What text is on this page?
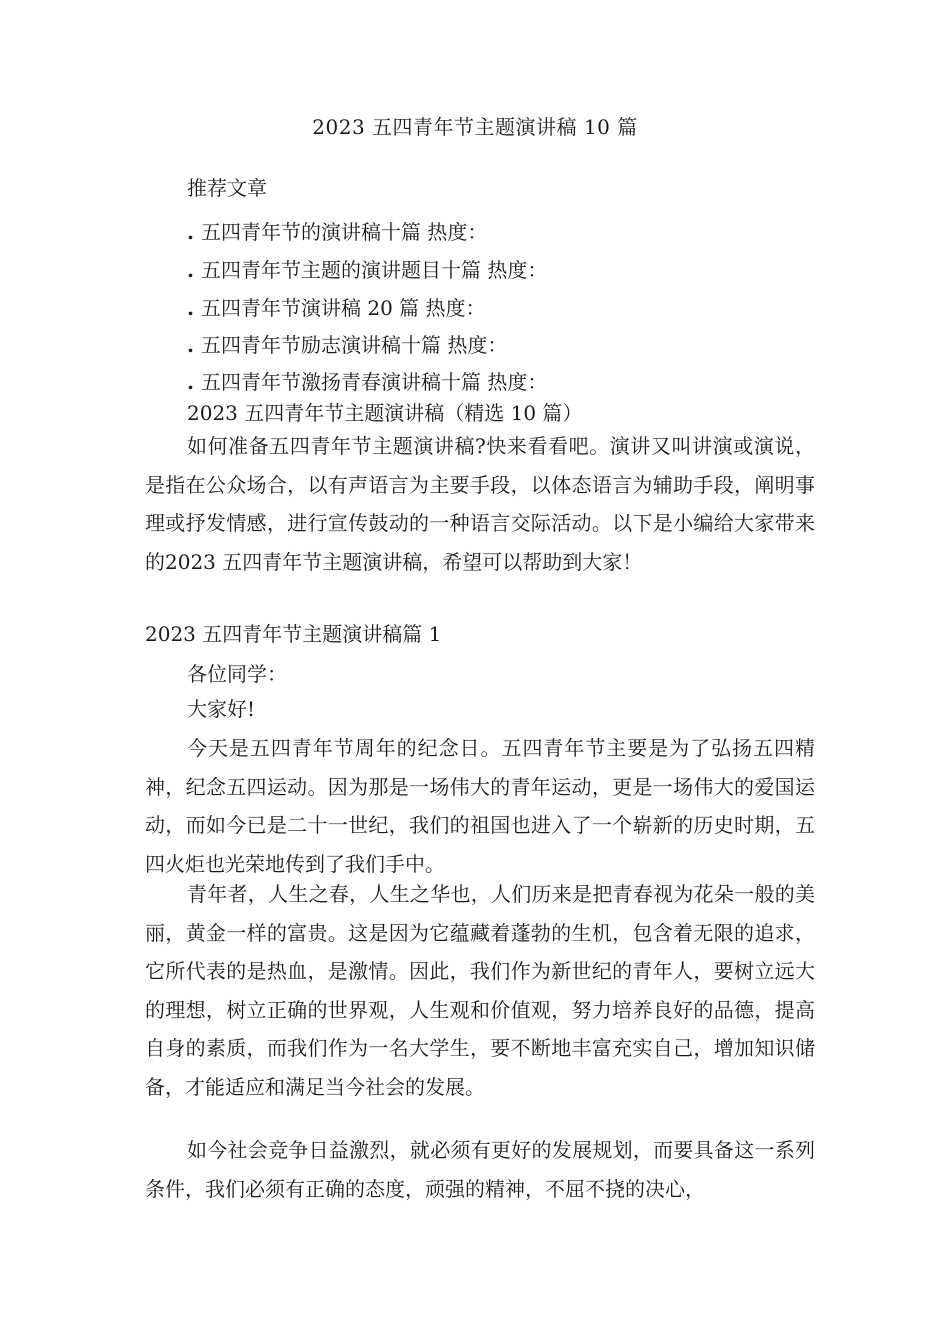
2023 五四青年节主题演讲稿 10 篇
推荐文章
. 五四青年节的演讲稿十篇 热度：
. 五四青年节主题的演讲题目十篇 热度：
. 五四青年节演讲稿 20 篇 热度：
. 五四青年节励志演讲稿十篇 热度：
. 五四青年节激扬青春演讲稿十篇 热度：
2023 五四青年节主题演讲稿（精选 10 篇）
如何准备五四青年节主题演讲稿?快来看看吧。演讲又叫讲演或演说，是指在公众场合，以有声语言为主要手段，以体态语言为辅助手段，阐明事理或抒发情感，进行宣传鼓动的一种语言交际活动。以下是小编给大家带来的2023 五四青年节主题演讲稿，希望可以帮助到大家！
2023 五四青年节主题演讲稿篇 1
各位同学：
大家好!
今天是五四青年节周年的纪念日。五四青年节主要是为了弘扬五四精神，纪念五四运动。因为那是一场伟大的青年运动，更是一场伟大的爱国运动，而如今已是二十一世纪，我们的祖国也进入了一个崭新的历史时期，五四火炬也光荣地传到了我们手中。
青年者，人生之春，人生之华也，人们历来是把青春视为花朵一般的美丽，黄金一样的富贵。这是因为它蕴藏着蓬勃的生机，包含着无限的追求，它所代表的是热血，是激情。因此，我们作为新世纪的青年人，要树立远大的理想，树立正确的世界观，人生观和价值观，努力培养良好的品德，提高自身的素质，而我们作为一名大学生，要不断地丰富充实自己，增加知识储备，才能适应和满足当今社会的发展。
如今社会竞争日益激烈，就必须有更好的发展规划，而要具备这一系列条件，我们必须有正确的态度，顽强的精神，不屈不挠的决心，
